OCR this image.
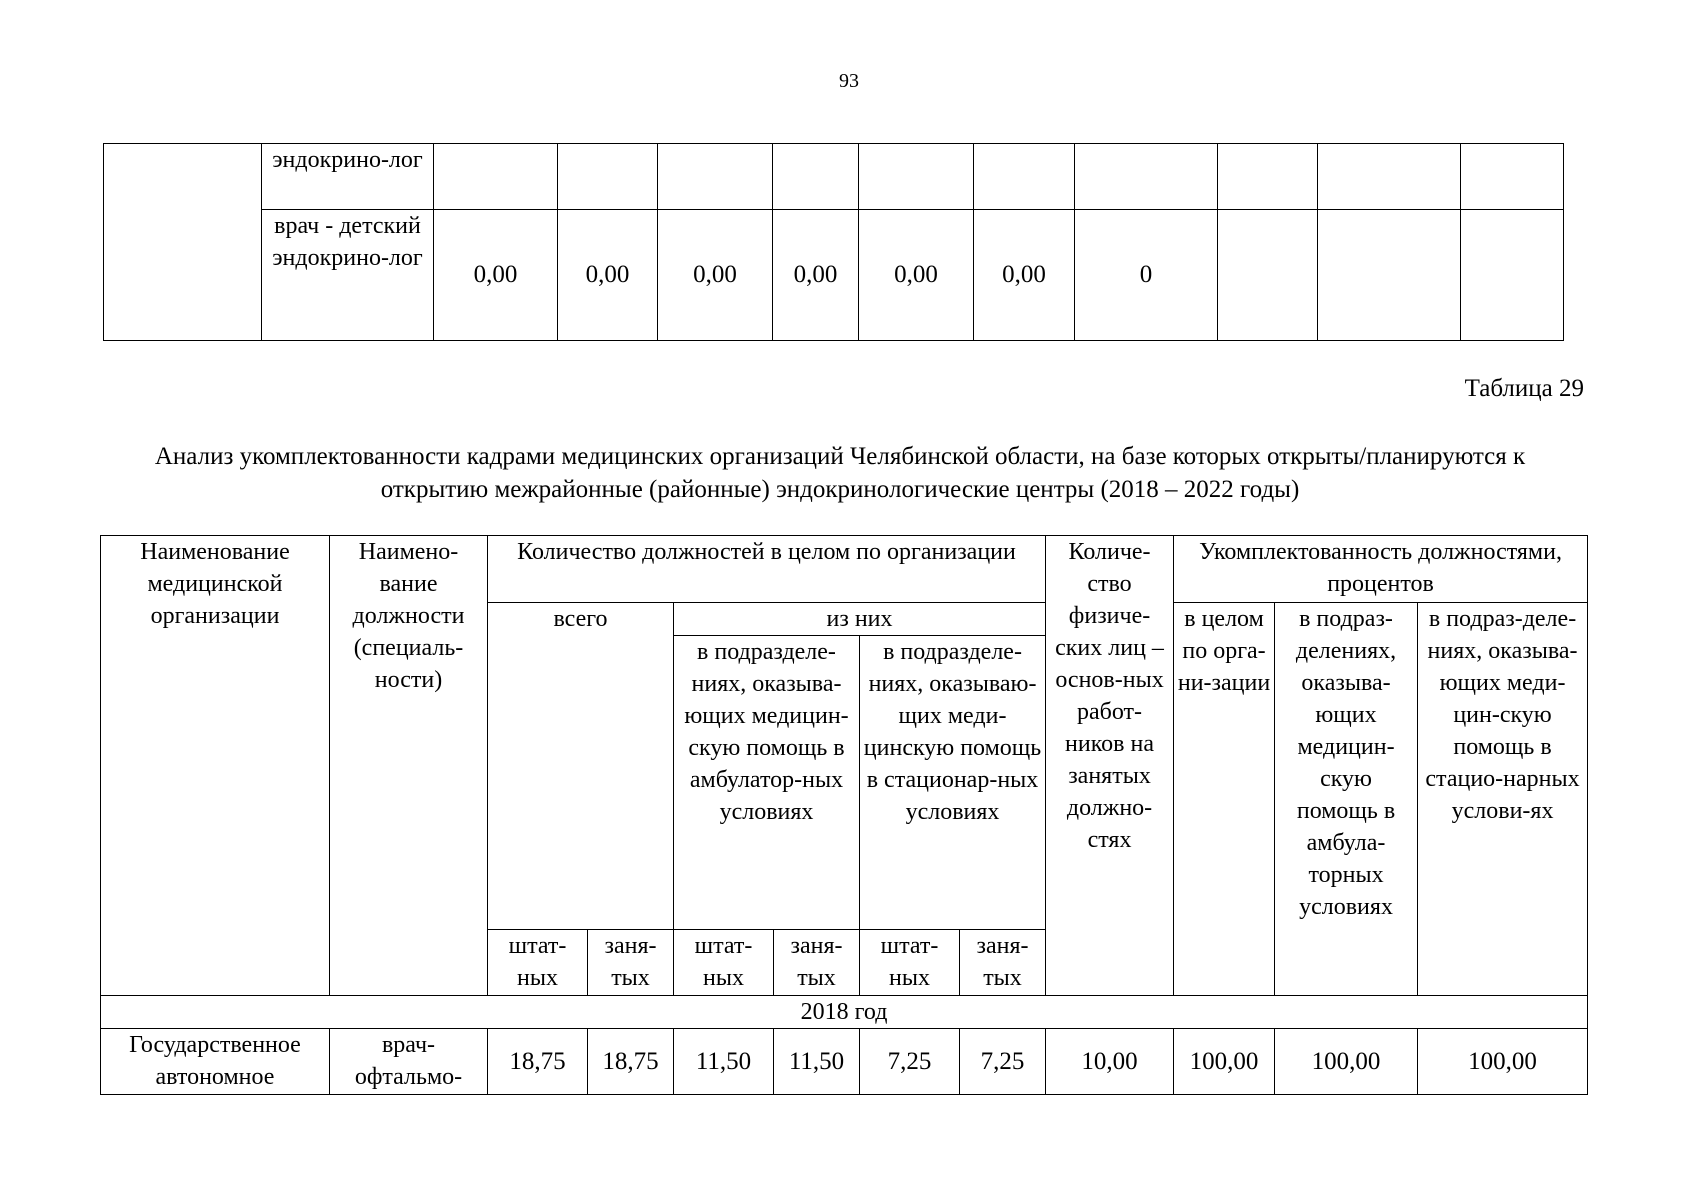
93
	эндокрино-лог										
	врач - детский эндокрино-лог	0,00	0,00	0,00	0,00	0,00	0,00	0			
Таблица 29
Анализ укомплектованности кадрами медицинских организаций Челябинской области, на базе которых открыты/планируются к открытию межрайонные (районные) эндокринологические центры (2018 – 2022 годы)
Наименование медицинской организации	Наимено-вание должности (специаль-ности)	Количество должностей в целом по организации						Количе-ство физиче-ских лиц – основ-ных работ-ников на занятых должно-стях	Укомплектованность должностями, процентов		
		всего		из них					в целом по орга-ни-зации	в подраз-делениях, оказыва-ющих медицин-скую помощь в амбула-торных условиях	в подраз-деле-ниях, оказыва-ющих меди-цин-скую помощь в стацио-нарных услови-ях
				в подразделе-ниях, оказыва-ющих медицин-скую помощь в амбулатор-ных условиях		в подразделе-ниях, оказываю-щих меди-цинскую помощь в стационар-ных условиях					
		штат-ных	заня-тых	штат-ных	заня-тых	штат-ных	заня-тых				
2018 год											
Государственное автономное	врач-офтальмо-	18,75	18,75	11,50	11,50	7,25	7,25	10,00	100,00	100,00	100,00
